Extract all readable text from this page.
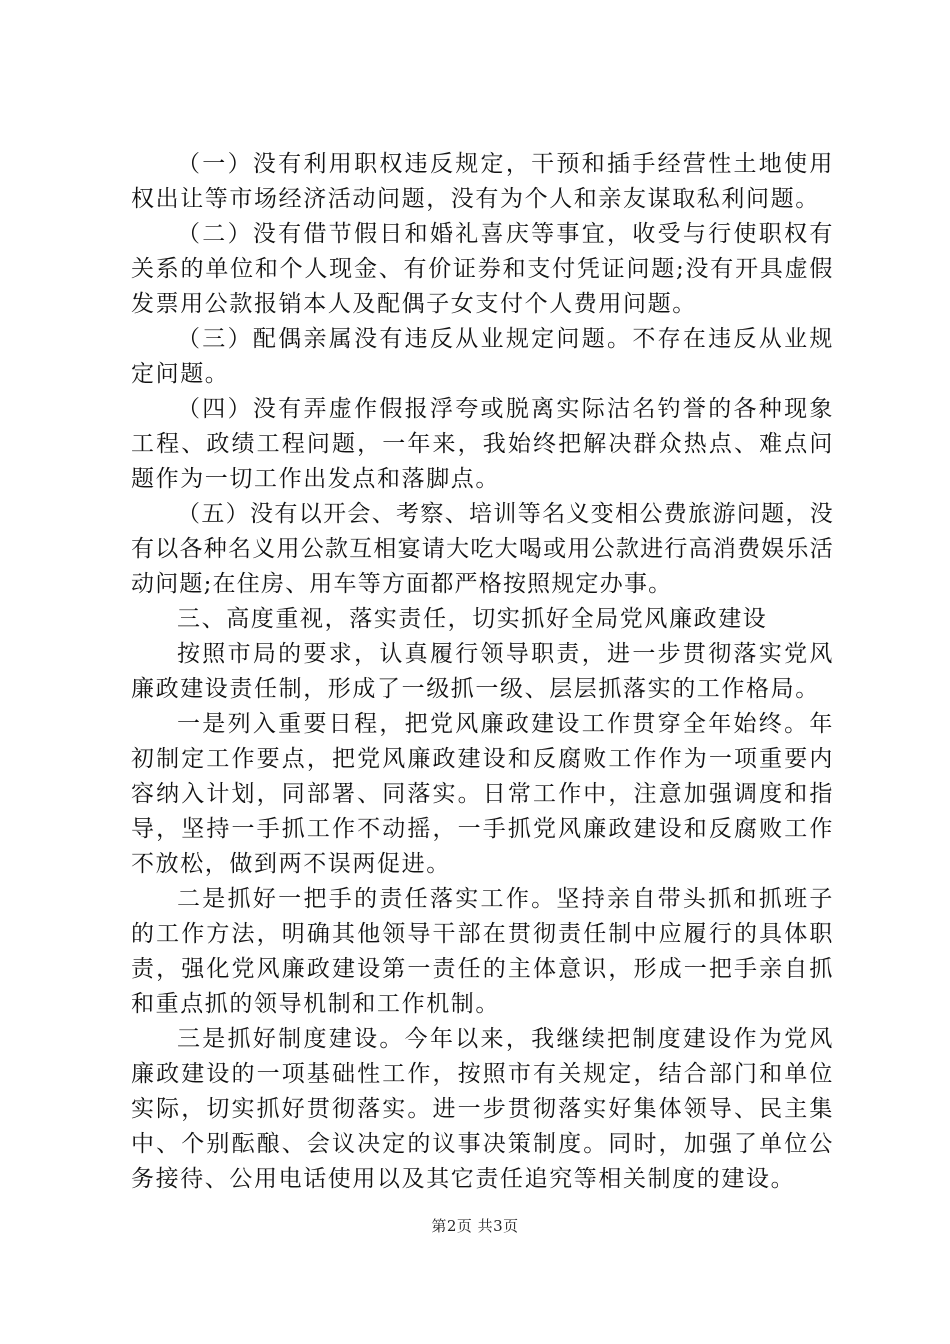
（一）没有利用职权违反规定，干预和插手经营性土地使用权出让等市场经济活动问题，没有为个人和亲友谋取私利问题。

（二）没有借节假日和婚礼喜庆等事宜，收受与行使职权有关系的单位和个人现金、有价证券和支付凭证问题;没有开具虚假发票用公款报销本人及配偶子女支付个人费用问题。

（三）配偶亲属没有违反从业规定问题。不存在违反从业规定问题。

（四）没有弄虚作假报浮夸或脱离实际沽名钓誉的各种现象工程、政绩工程问题，一年来，我始终把解决群众热点、难点问题作为一切工作出发点和落脚点。

（五）没有以开会、考察、培训等名义变相公费旅游问题，没有以各种名义用公款互相宴请大吃大喝或用公款进行高消费娱乐活动问题;在住房、用车等方面都严格按照规定办事。

三、高度重视，落实责任，切实抓好全局党风廉政建设

按照市局的要求，认真履行领导职责，进一步贯彻落实党风廉政建设责任制，形成了一级抓一级、层层抓落实的工作格局。

一是列入重要日程，把党风廉政建设工作贯穿全年始终。年初制定工作要点，把党风廉政建设和反腐败工作作为一项重要内容纳入计划，同部署、同落实。日常工作中，注意加强调度和指导，坚持一手抓工作不动摇，一手抓党风廉政建设和反腐败工作不放松，做到两不误两促进。

二是抓好一把手的责任落实工作。坚持亲自带头抓和抓班子的工作方法，明确其他领导干部在贯彻责任制中应履行的具体职责，强化党风廉政建设第一责任的主体意识，形成一把手亲自抓和重点抓的领导机制和工作机制。

三是抓好制度建设。今年以来，我继续把制度建设作为党风廉政建设的一项基础性工作，按照市有关规定，结合部门和单位实际，切实抓好贯彻落实。进一步贯彻落实好集体领导、民主集中、个别酝酿、会议决定的议事决策制度。同时，加强了单位公务接待、公用电话使用以及其它责任追究等相关制度的建设。

第2页 共3页
